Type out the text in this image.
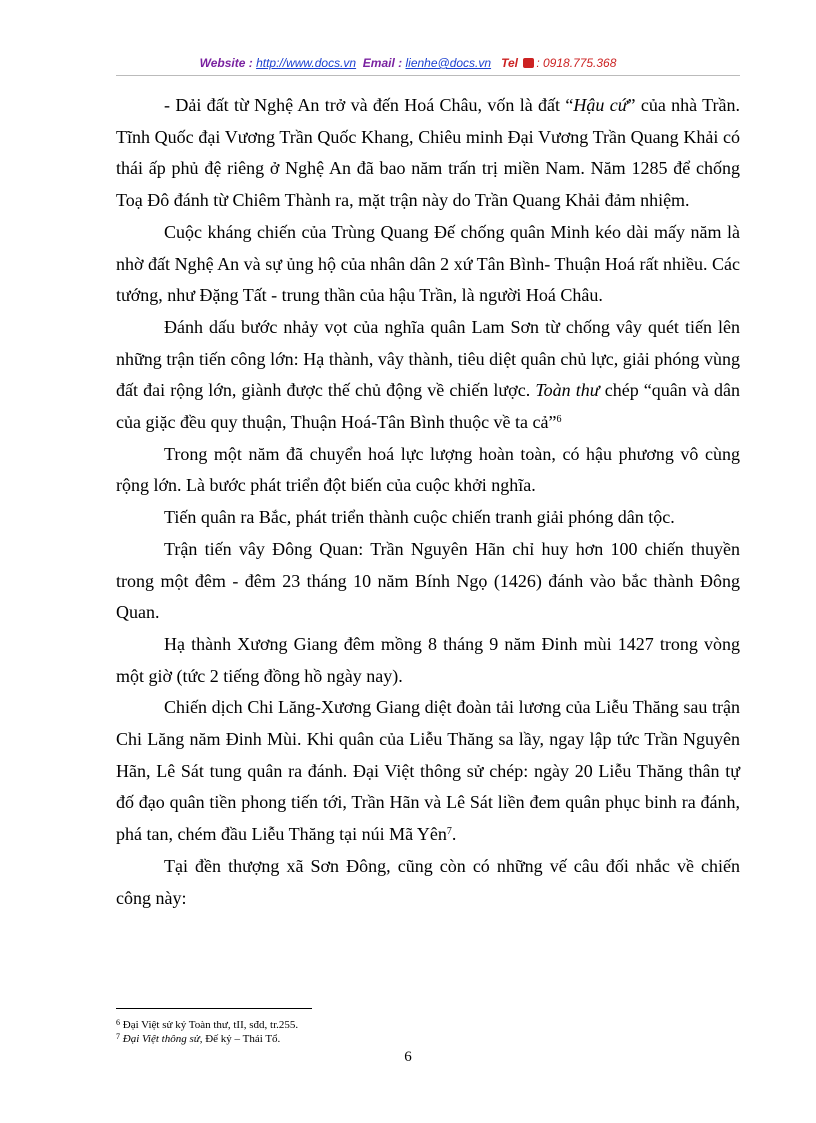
Website : http://www.docs.vn Email : lienhe@docs.vn Tel : 0918.775.368

- Dải đất từ Nghệ An trở và đến Hoá Châu, vốn là đất “Hậu cứ” của nhà Trần. Tĩnh Quốc đại Vương Trần Quốc Khang, Chiêu minh Đại Vương Trần Quang Khải có thái ấp phủ đệ riêng ở Nghệ An đã bao năm trấn trị miền Nam. Năm 1285 để chống Toạ Đô đánh từ Chiêm Thành ra, mặt trận này do Trần Quang Khải đảm nhiệm.

Cuộc kháng chiến của Trùng Quang Đế chống quân Minh kéo dài mấy năm là nhờ đất Nghệ An và sự ủng hộ của nhân dân 2 xứ Tân Bình- Thuận Hoá rất nhiều. Các tướng, như Đặng Tất - trung thần của hậu Trần, là người Hoá Châu.

Đánh dấu bước nhảy vọt của nghĩa quân Lam Sơn từ chống vây quét tiến lên những trận tiến công lớn: Hạ thành, vây thành, tiêu diệt quân chủ lực, giải phóng vùng đất đai rộng lớn, giành được thế chủ động về chiến lược. Toàn thư chép “quân và dân của giặc đều quy thuận, Thuận Hoá-Tân Bình thuộc về ta cả”$^6$

Trong một năm đã chuyển hoá lực lượng hoàn toàn, có hậu phương vô cùng rộng lớn. Là bước phát triển đột biến của cuộc khởi nghĩa.

Tiến quân ra Bắc, phát triển thành cuộc chiến tranh giải phóng dân tộc.

Trận tiến vây Đông Quan: Trần Nguyên Hãn chỉ huy hơn 100 chiến thuyền trong một đêm - đêm 23 tháng 10 năm Bính Ngọ (1426) đánh vào bắc thành Đông Quan.

Hạ thành Xương Giang đêm mồng 8 tháng 9 năm Đinh mùi 1427 trong vòng một giờ (tức 2 tiếng đồng hồ ngày nay).

Chiến dịch Chi Lăng-Xương Giang diệt đoàn tải lương của Liễu Thăng sau trận Chi Lăng năm Đinh Mùi. Khi quân của Liễu Thăng sa lầy, ngay lập tức Trần Nguyên Hãn, Lê Sát tung quân ra đánh. Đại Việt thông sử chép: ngày 20 Liễu Thăng thân tự đố đạo quân tiền phong tiến tới, Trần Hãn và Lê Sát liền đem quân phục binh ra đánh, phá tan, chém đầu Liễu Thăng tại núi Mã Yên$^7$.

Tại đền thượng xã Sơn Đông, cũng còn có những vế câu đối nhắc về chiến công này:

$^6$ Đại Việt sử ký Toàn thư, tII, sđd, tr.255.
$^7$ Đại Việt thông sử, Đế kỷ – Thái Tổ.
6
